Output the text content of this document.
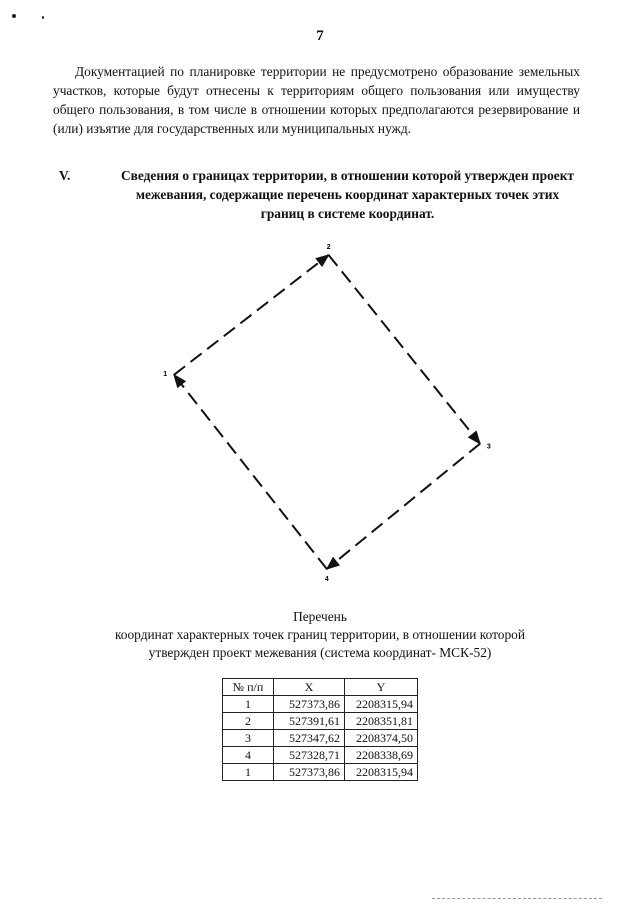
7

Документацией по планировке территории не предусмотрено образование земельных участков, которые будут отнесены к территориям общего пользования или имуществу общего пользования, в том числе в отношении которых предполагаются резервирование и (или) изъятие для государственных или муниципальных нужд.

V.	Сведения о границах территории, в отношении которой утвержден проект межевания, содержащие перечень координат характерных точек этих границ в системе координат.
1
2
3
4
Перечень
координат характерных точек границ территории, в отношении которой
утвержден проект межевания (система координат- МСК-52)
№ п/п	X	Y
1	527373,86	2208315,94
2	527391,61	2208351,81
3	527347,62	2208374,50
4	527328,71	2208338,69
1	527373,86	2208315,94
